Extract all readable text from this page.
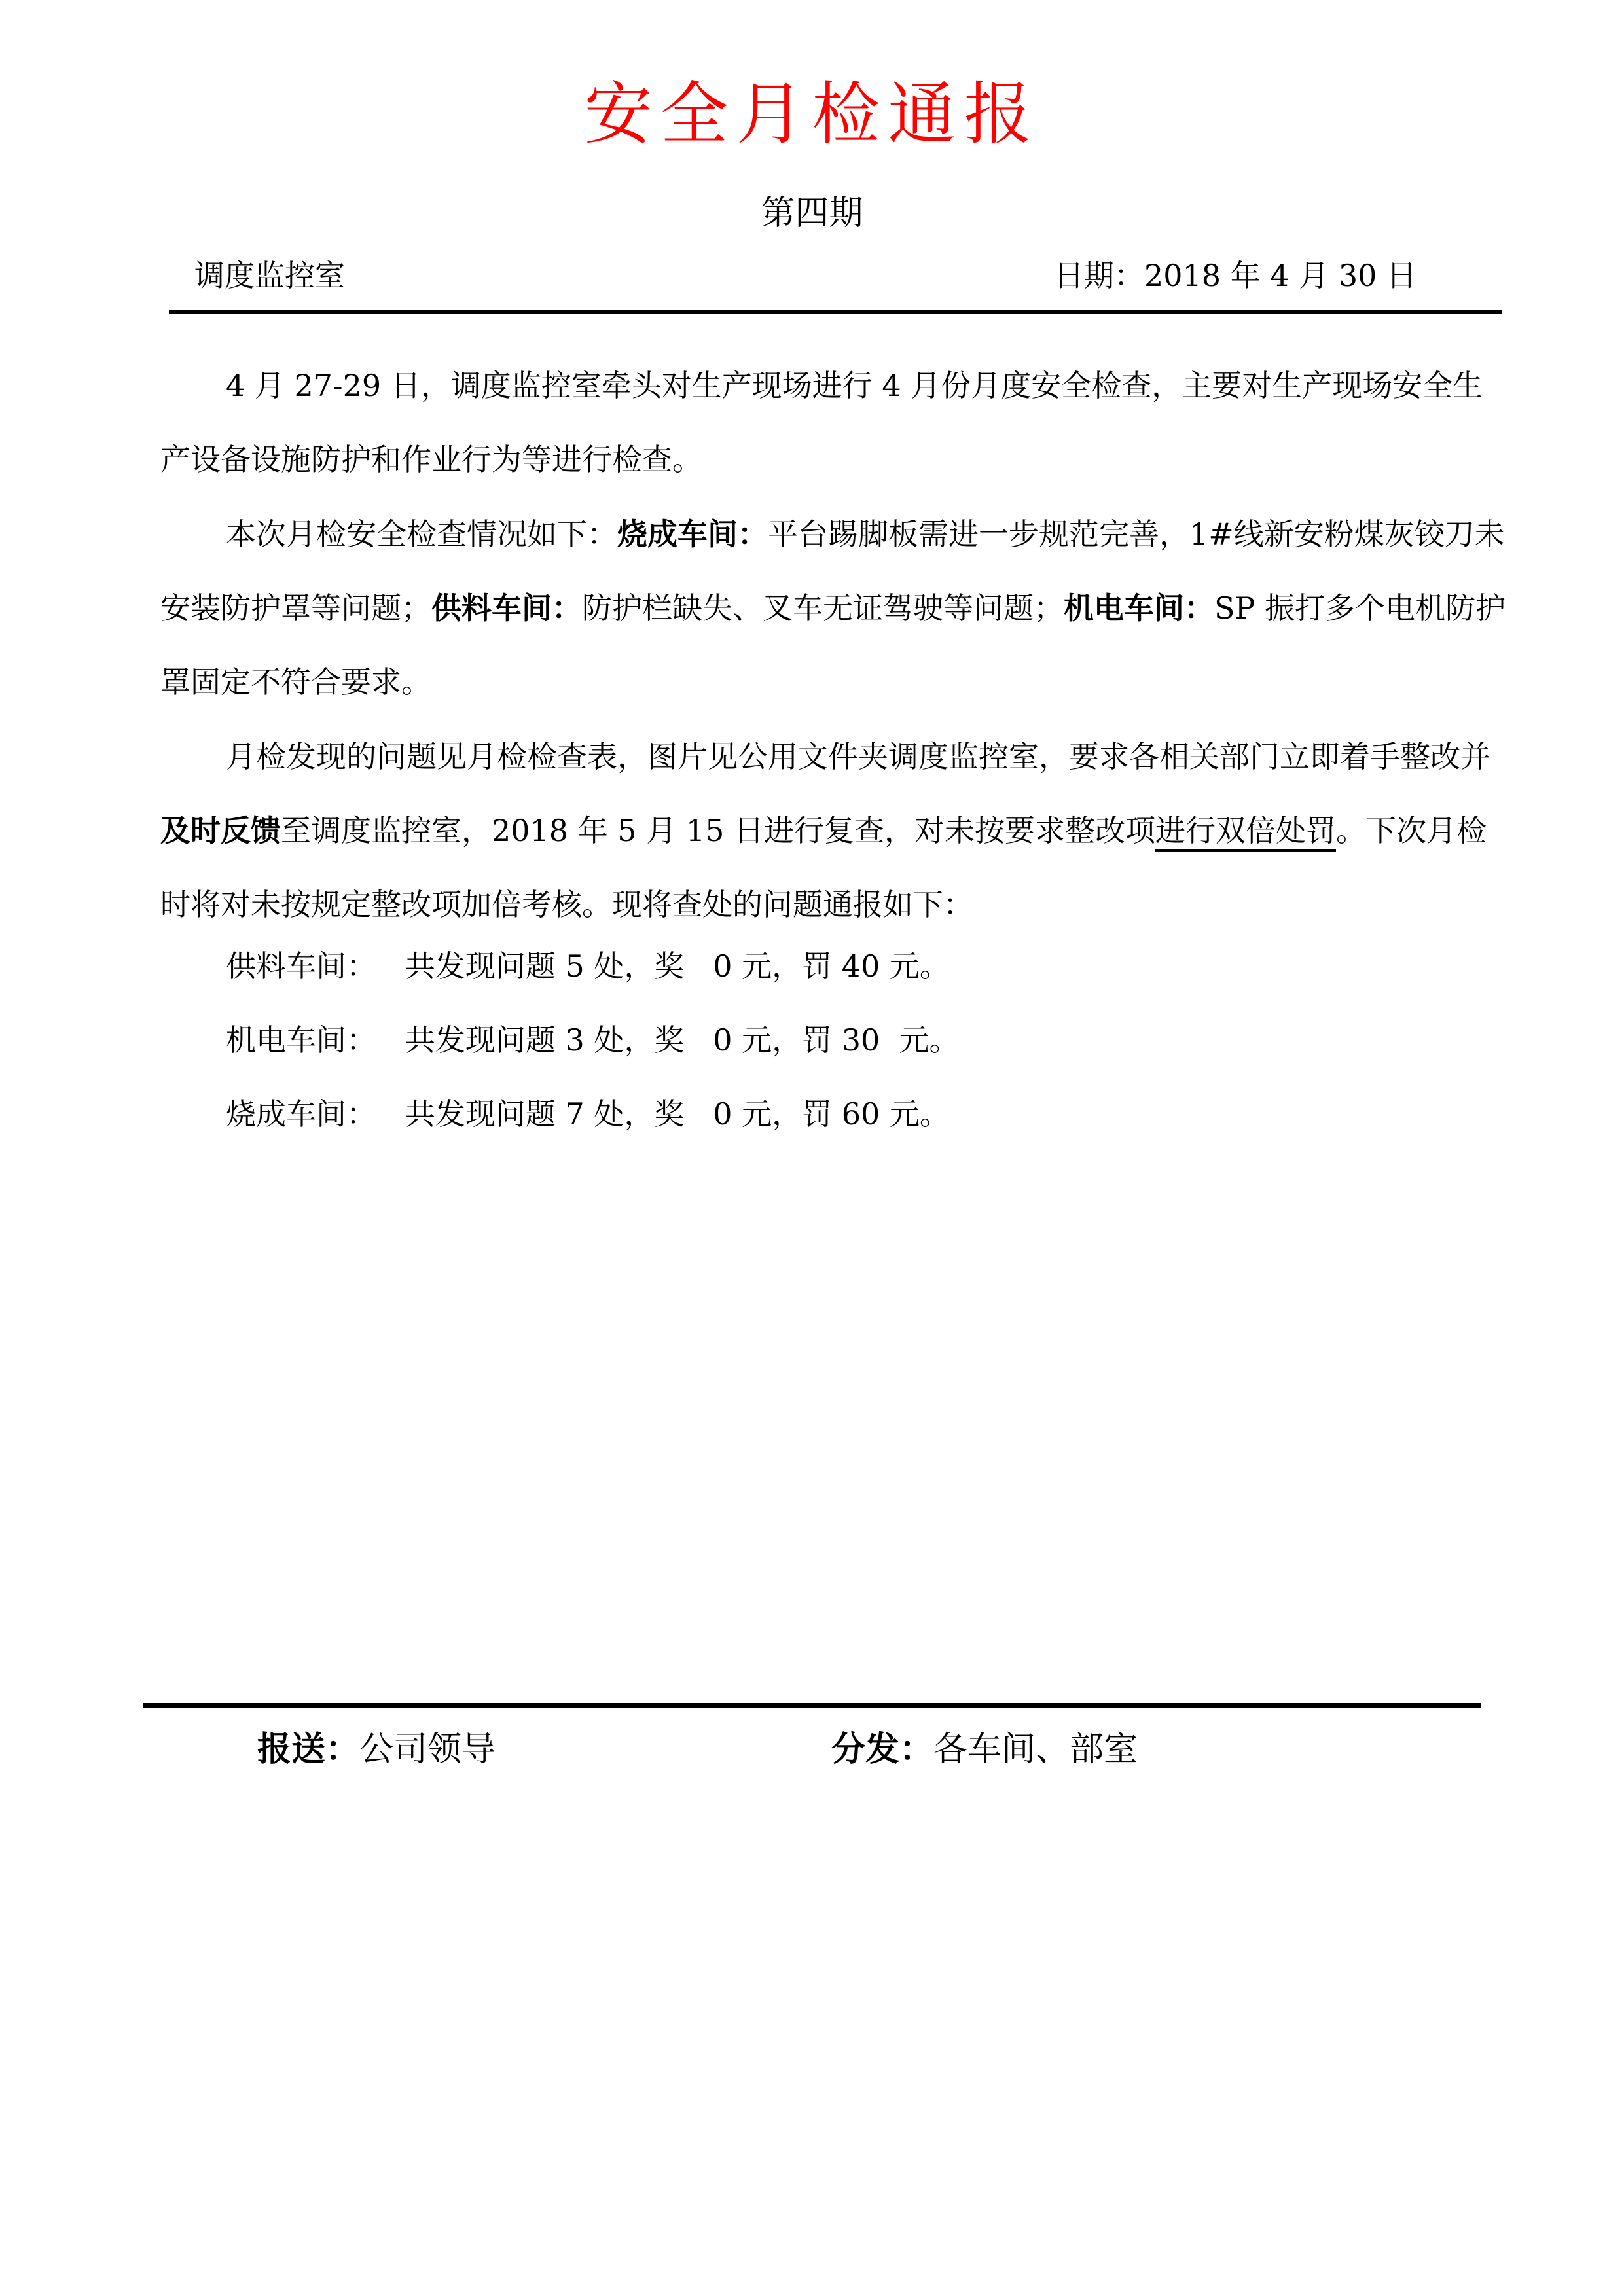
安全月检通报
第四期
调度监控室	日期：2018 年 4 月 30 日
4 月 27-29 日，调度监控室牵头对生产现场进行 4 月份月度安全检查，主要对生产现场安全生产设备设施防护和作业行为等进行检查。
本次月检安全检查情况如下：烧成车间：平台踢脚板需进一步规范完善，1#线新安粉煤灰铰刀未安装防护罩等问题；供料车间：防护栏缺失、叉车无证驾驶等问题；机电车间：SP 振打多个电机防护罩固定不符合要求。
月检发现的问题见月检检查表，图片见公用文件夹调度监控室，要求各相关部门立即着手整改并及时反馈至调度监控室，2018 年 5 月 15 日进行复查，对未按要求整改项进行双倍处罚。下次月检时将对未按规定整改项加倍考核。现将查处的问题通报如下：
供料车间： 共发现问题 5 处，奖   0 元，罚 40 元。
机电车间： 共发现问题 3 处，奖   0 元，罚 30  元。
烧成车间： 共发现问题 7 处，奖   0 元，罚 60 元。
报送：公司领导	分发：各车间、部室
